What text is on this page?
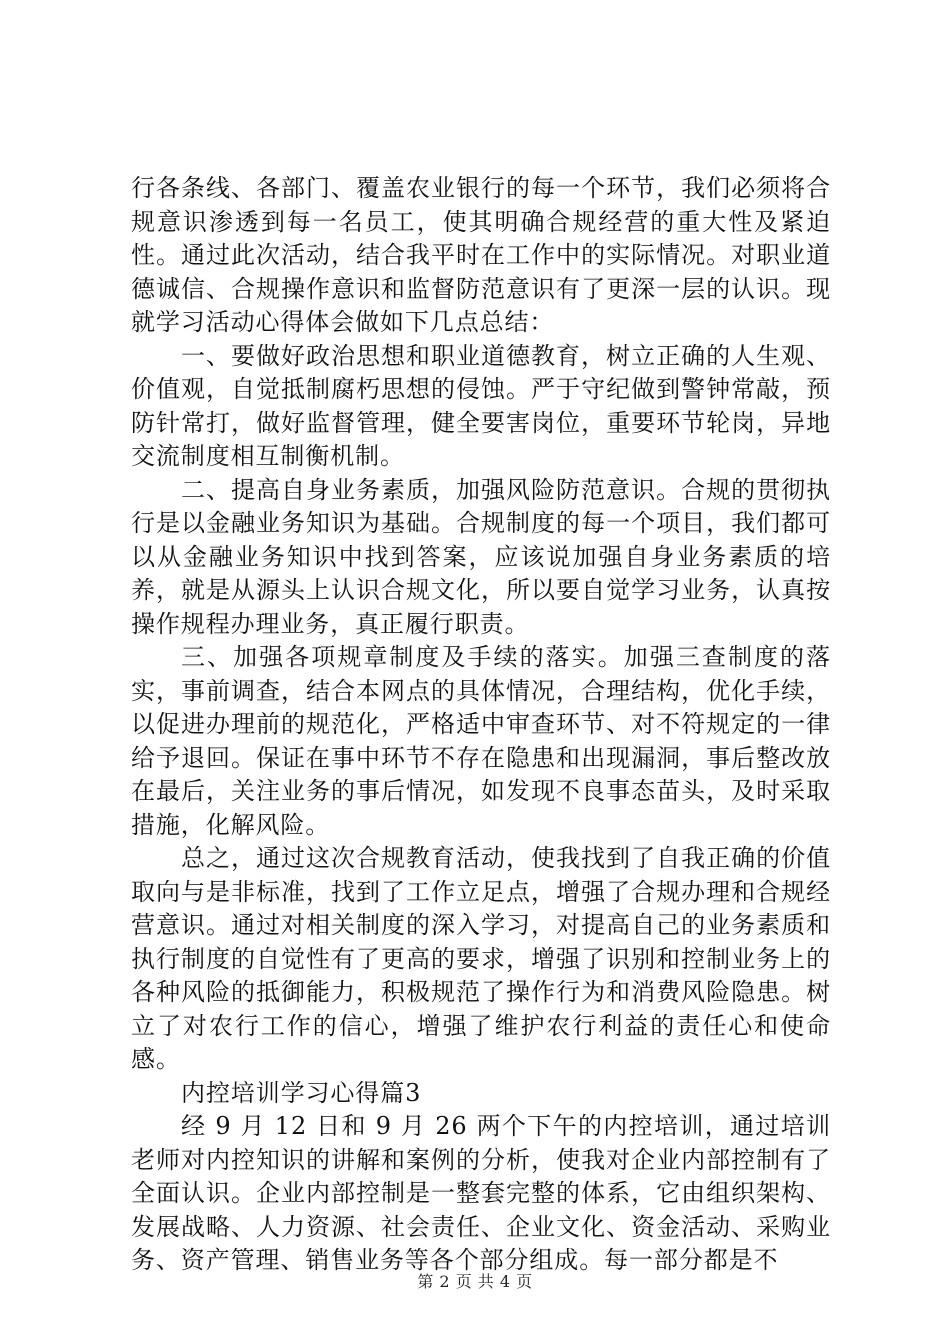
行各条线、各部门、覆盖农业银行的每一个环节，我们必须将合规意识渗透到每一名员工，使其明确合规经营的重大性及紧迫性。通过此次活动，结合我平时在工作中的实际情况。对职业道德诚信、合规操作意识和监督防范意识有了更深一层的认识。现就学习活动心得体会做如下几点总结：

一、要做好政治思想和职业道德教育，树立正确的人生观、价值观，自觉抵制腐朽思想的侵蚀。严于守纪做到警钟常敲，预防针常打，做好监督管理，健全要害岗位，重要环节轮岗，异地交流制度相互制衡机制。

二、提高自身业务素质，加强风险防范意识。合规的贯彻执行是以金融业务知识为基础。合规制度的每一个项目，我们都可以从金融业务知识中找到答案，应该说加强自身业务素质的培养，就是从源头上认识合规文化，所以要自觉学习业务，认真按操作规程办理业务，真正履行职责。

三、加强各项规章制度及手续的落实。加强三查制度的落实，事前调查，结合本网点的具体情况，合理结构，优化手续，以促进办理前的规范化，严格适中审查环节、对不符规定的一律给予退回。保证在事中环节不存在隐患和出现漏洞，事后整改放在最后，关注业务的事后情况，如发现不良事态苗头，及时采取措施，化解风险。

总之，通过这次合规教育活动，使我找到了自我正确的价值取向与是非标准，找到了工作立足点，增强了合规办理和合规经营意识。通过对相关制度的深入学习，对提高自己的业务素质和执行制度的自觉性有了更高的要求，增强了识别和控制业务上的各种风险的抵御能力，积极规范了操作行为和消费风险隐患。树立了对农行工作的信心，增强了维护农行利益的责任心和使命感。

内控培训学习心得篇3

经 9 月 12 日和 9 月 26 两个下午的内控培训，通过培训老师对内控知识的讲解和案例的分析，使我对企业内部控制有了全面认识。企业内部控制是一整套完整的体系，它由组织架构、发展战略、人力资源、社会责任、企业文化、资金活动、采购业务、资产管理、销售业务等各个部分组成。每一部分都是不

第 2 页 共 4 页
